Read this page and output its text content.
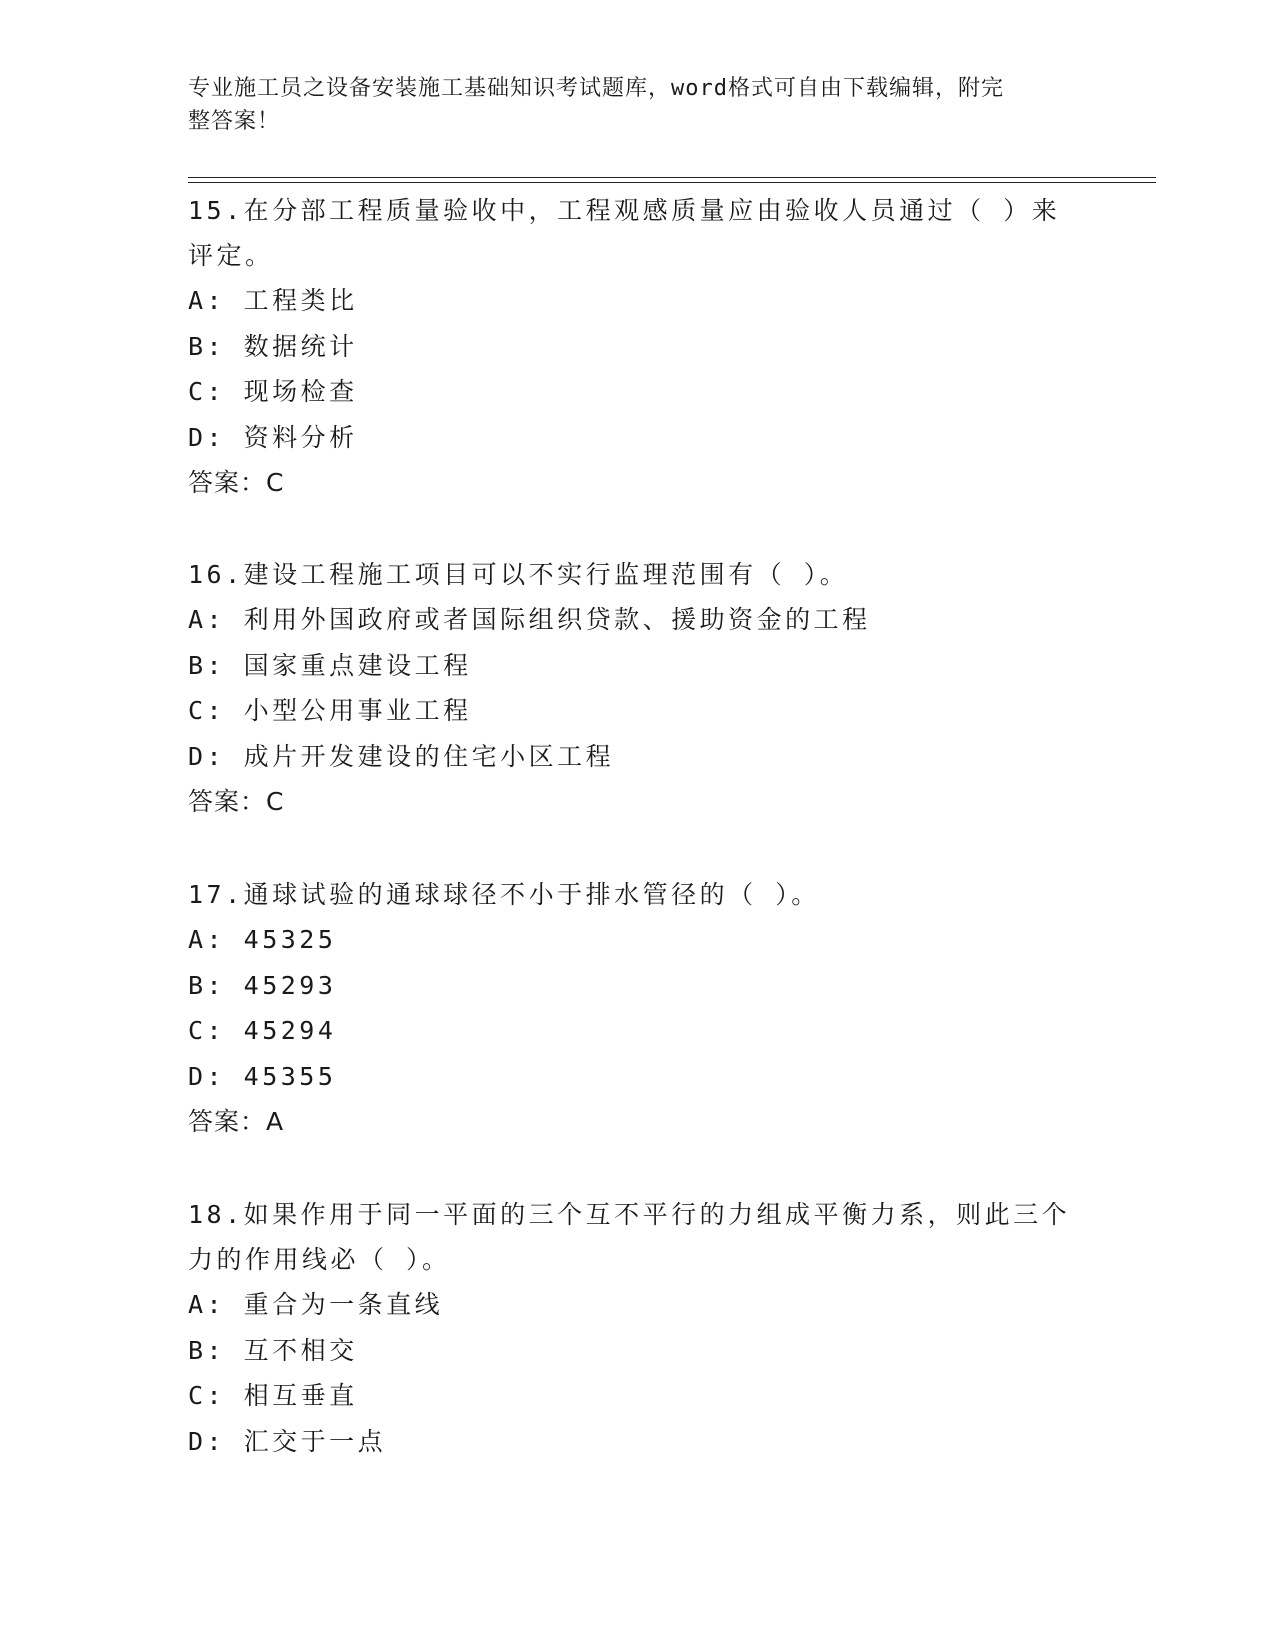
专业施工员之设备安装施工基础知识考试题库，word格式可自由下载编辑，附完
整答案！
15.在分部工程质量验收中，工程观感质量应由验收人员通过（ ）来
评定。
A: 工程类比
B: 数据统计
C: 现场检查
D: 资料分析
答案：C
16.建设工程施工项目可以不实行监理范围有（ ）。
A: 利用外国政府或者国际组织贷款、援助资金的工程
B: 国家重点建设工程
C: 小型公用事业工程
D: 成片开发建设的住宅小区工程
答案：C
17.通球试验的通球球径不小于排水管径的（ ）。
A: 45325
B: 45293
C: 45294
D: 45355
答案：A
18.如果作用于同一平面的三个互不平行的力组成平衡力系，则此三个
力的作用线必（ ）。
A: 重合为一条直线
B: 互不相交
C: 相互垂直
D: 汇交于一点
